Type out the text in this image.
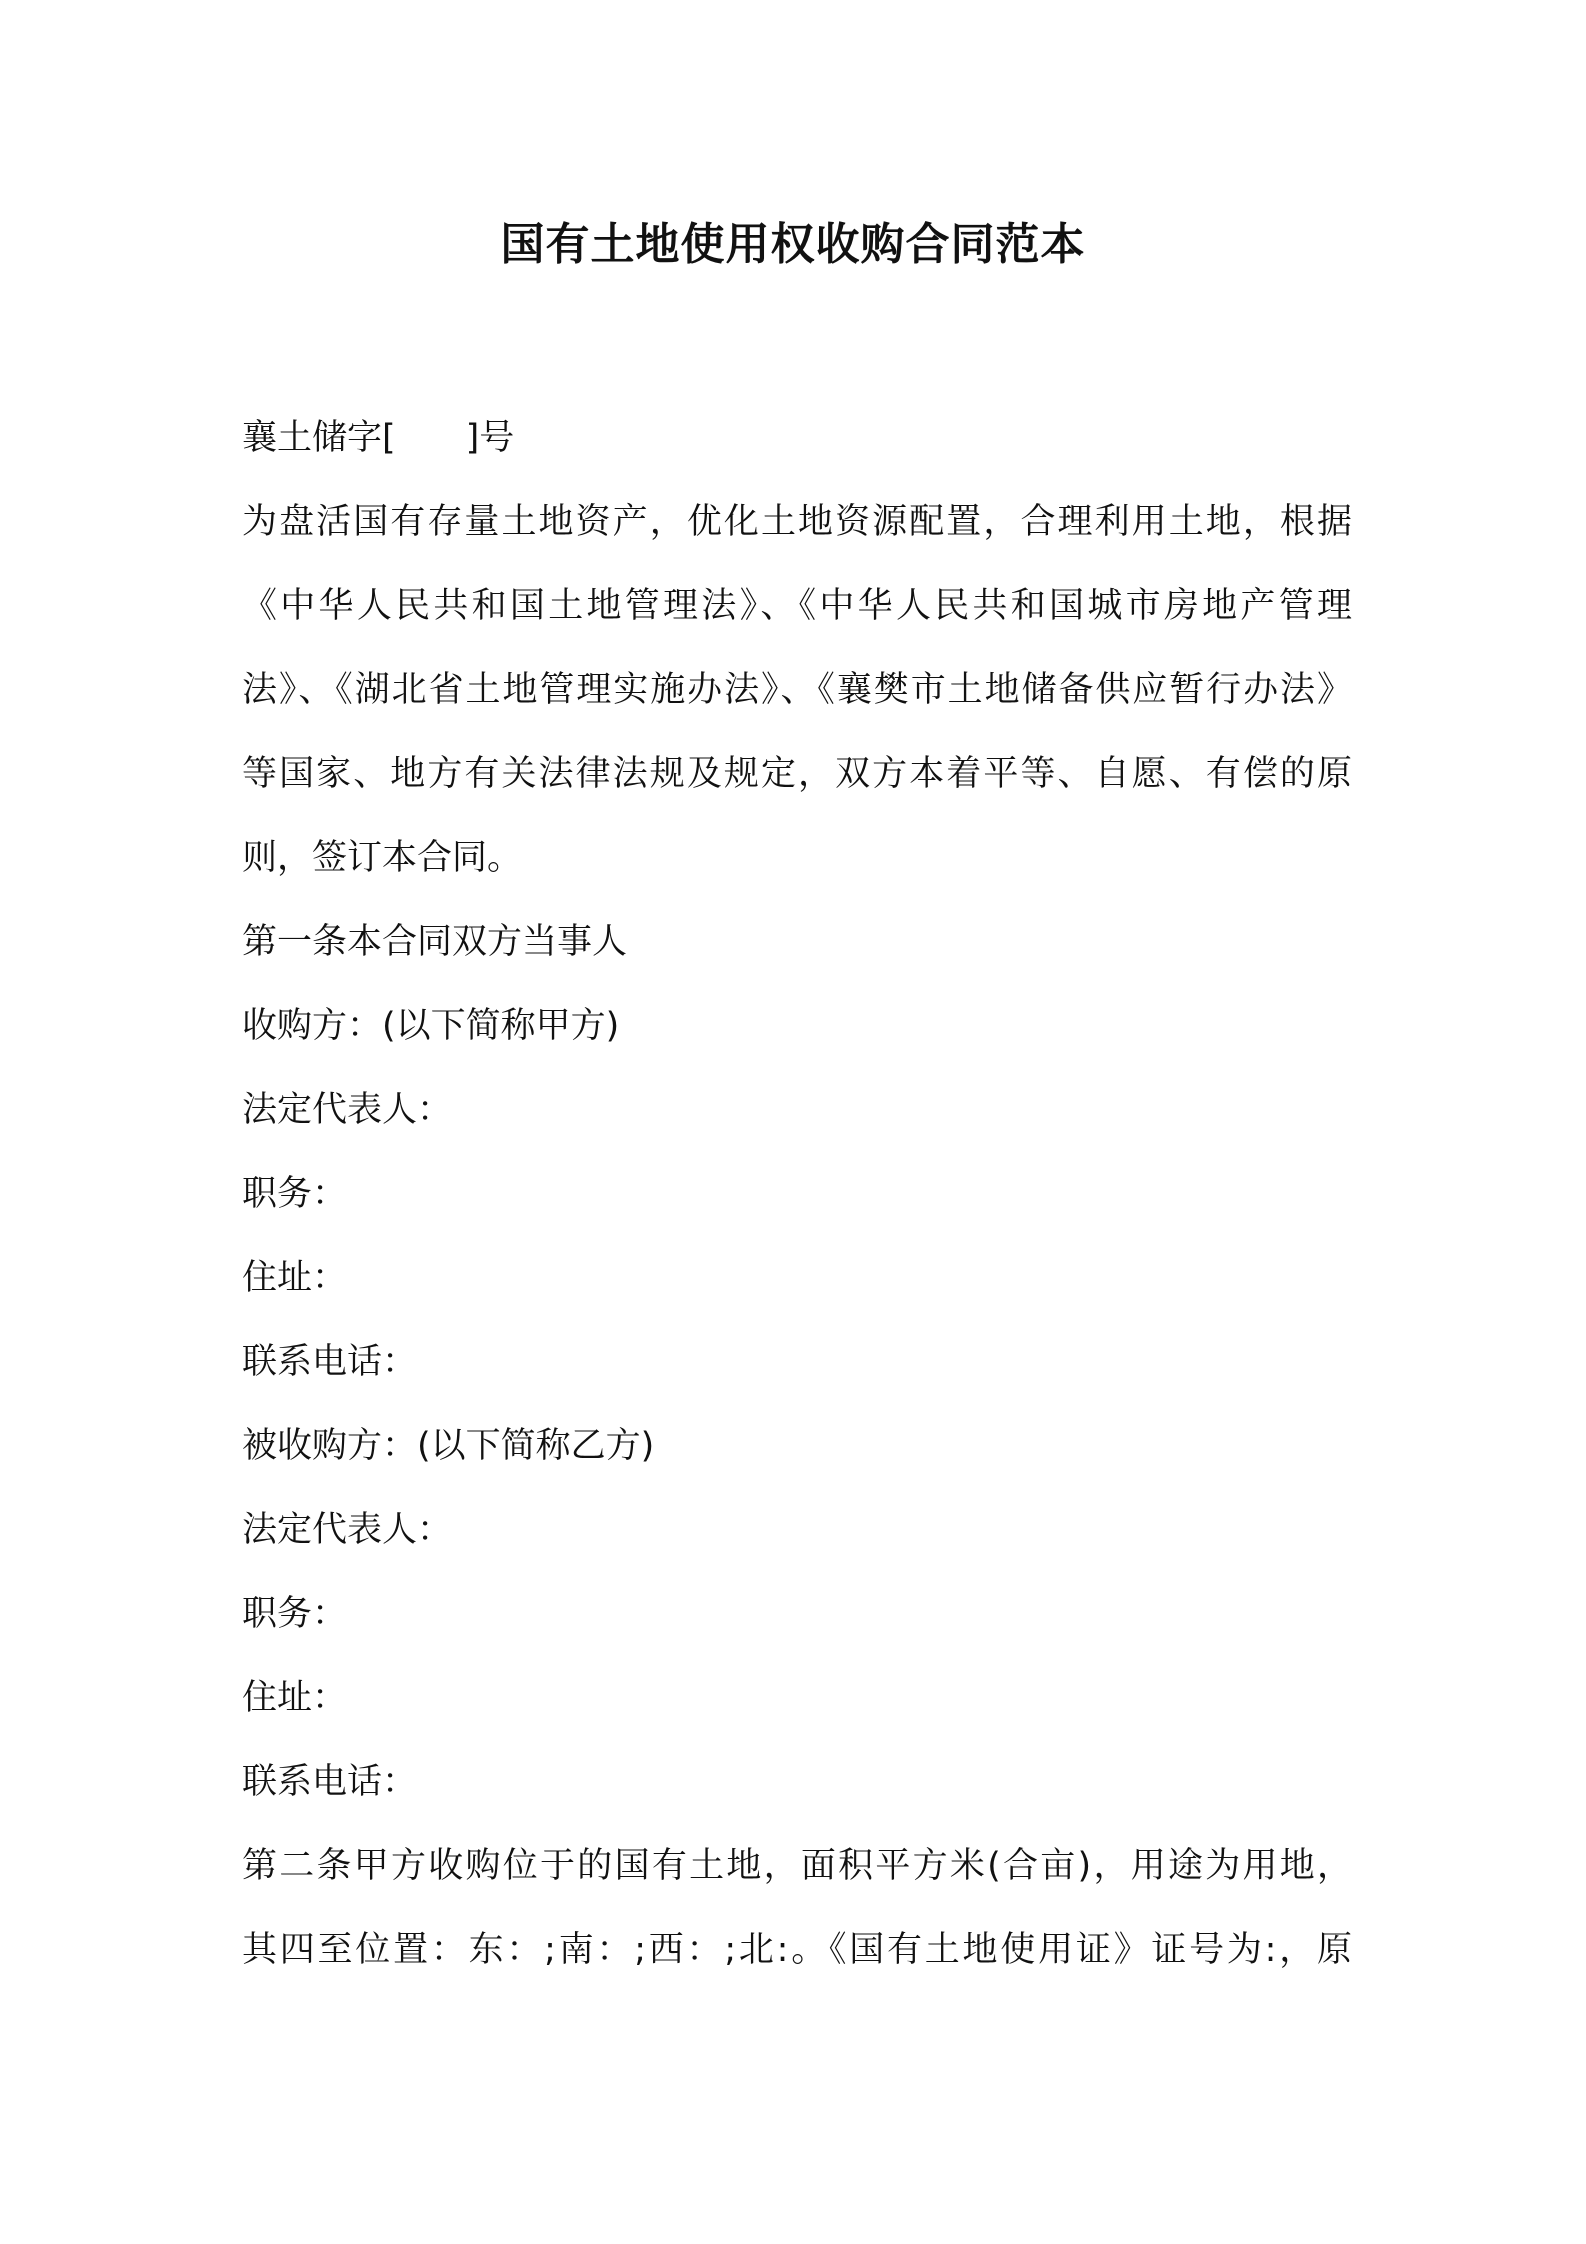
国有土地使用权收购合同范本
襄土储字[　　]号
为盘活国有存量土地资产，优化土地资源配置，合理利用土地，根据
《中华人民共和国土地管理法》、《中华人民共和国城市房地产管理
法》、《湖北省土地管理实施办法》、《襄樊市土地储备供应暂行办法》
等国家、地方有关法律法规及规定，双方本着平等、自愿、有偿的原
则，签订本合同。
第一条本合同双方当事人
收购方：(以下简称甲方)
法定代表人：
职务：
住址：
联系电话：
被收购方：(以下简称乙方)
法定代表人：
职务：
住址：
联系电话：
第二条甲方收购位于的国有土地，面积平方米(合亩)，用途为用地，
其四至位置：东：;南：;西：;北:。《国有土地使用证》证号为:，原
